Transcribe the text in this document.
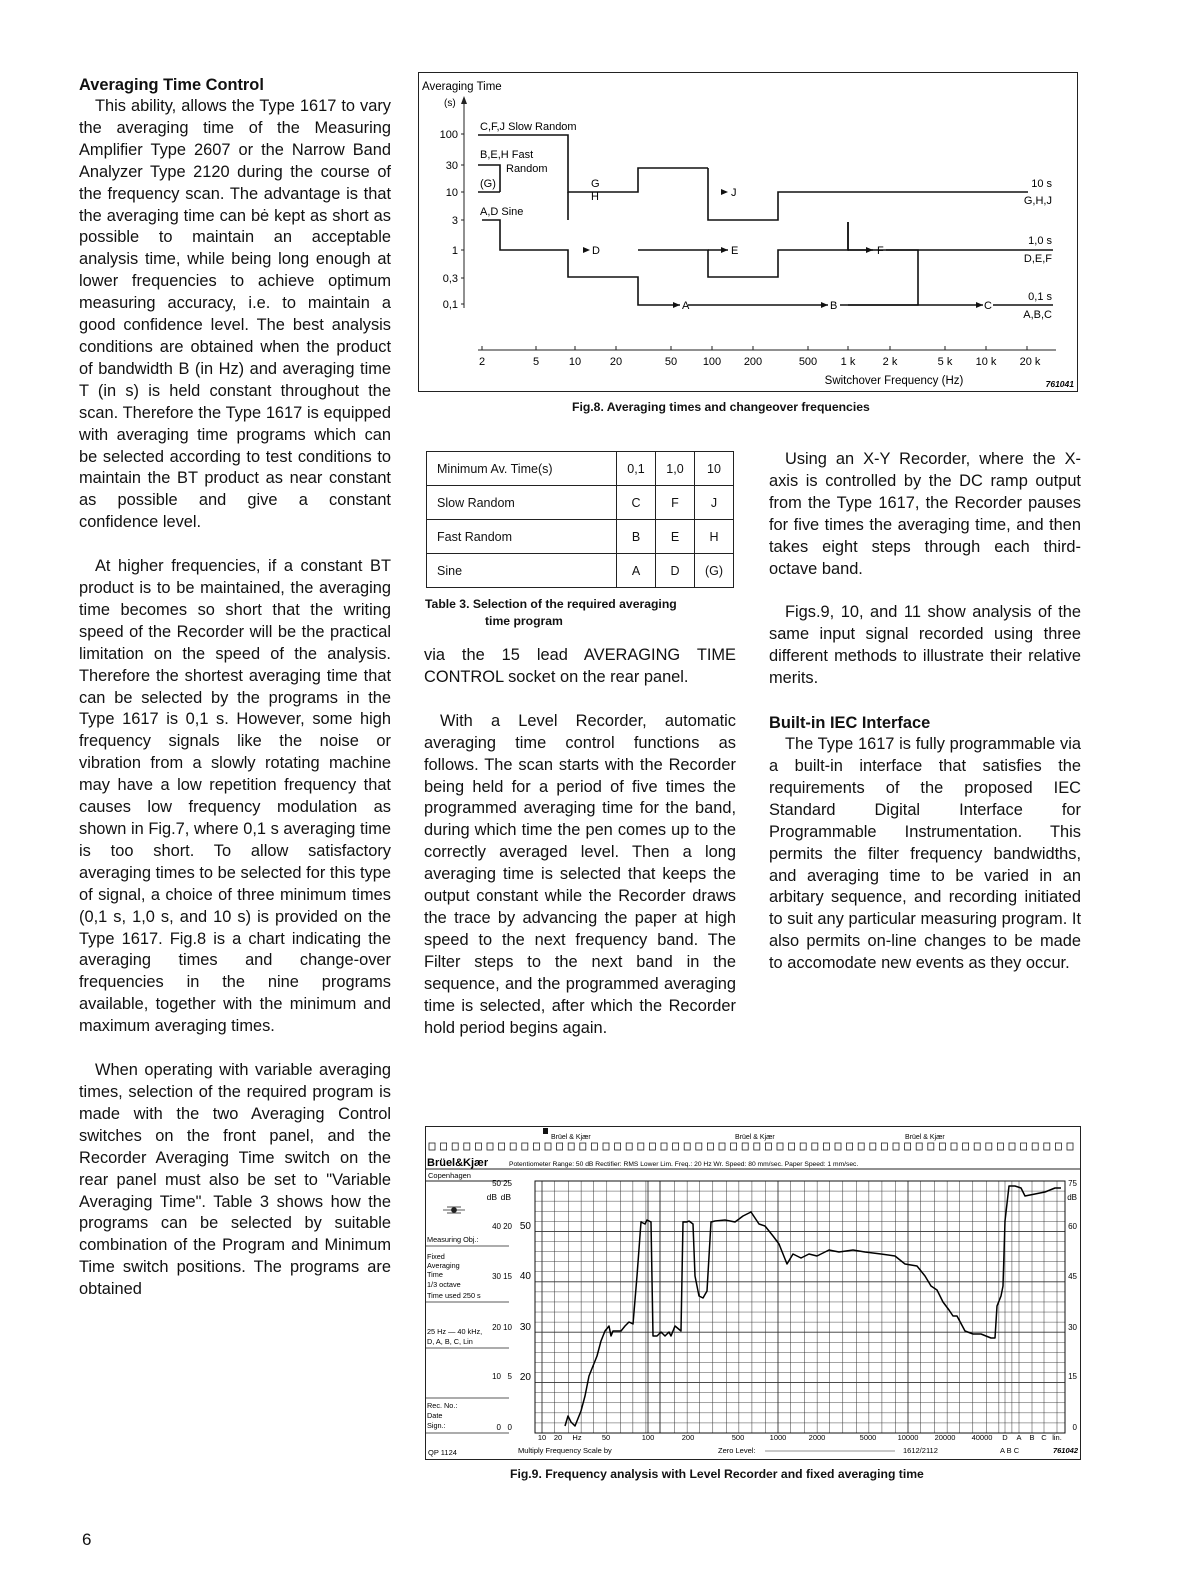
Averaging Time Control

This ability, allows the Type 1617 to vary the averaging time of the Measuring Amplifier Type 2607 or the Narrow Band Analyzer Type 2120 during the course of the frequency scan. The advantage is that the averaging time can bė kept as short as possible to maintain an acceptable analysis time, while being long enough at lower frequencies to achieve optimum measuring accuracy, i.e. to maintain a good confidence level. The best analysis conditions are obtained when the product of bandwidth B (in Hz) and averaging time T (in s) is held constant throughout the scan. Therefore the Type 1617 is equipped with averaging time programs which can be selected according to test conditions to maintain the BT product as near constant as possible and give a constant confidence level.

At higher frequencies, if a constant BT product is to be maintained, the averaging time becomes so short that the writing speed of the Recorder will be the practical limitation on the speed of the analysis. Therefore the shortest averaging time that can be selected by the programs in the Type 1617 is 0,1 s. However, some high frequency signals like the noise or vibration from a slowly rotating machine may have a low repetition frequency that causes low frequency modulation as shown in Fig.7, where 0,1 s averaging time is too short. To allow satisfactory averaging times to be selected for this type of signal, a choice of three minimum times (0,1 s, 1,0 s, and 10 s) is provided on the Type 1617. Fig.8 is a chart indicating the averaging times and change-over frequencies in the nine programs available, together with the minimum and maximum averaging times.

When operating with variable averaging times, selection of the required program is made with the two Averaging Control switches on the front panel, and the Recorder Averaging Time switch on the rear panel must also be set to "Variable Averaging Time". Table 3 shows how the programs can be selected by suitable combination of the Program and Minimum Time switch positions. The programs are obtained

Averaging Time
(s)
100
30
10
3
1
0,3
0,1
C,F,J Slow Random
B,E,H Fast
Random
(G)
A,D Sine
G
H	J
D	E	F
A	B	C
10 s
G,H,J
1,0 s
D,E,F
0,1 s
A,B,C
2	5	10	20	50 100 200	500 1 k 2 k	5 k 10 k 20 k
Switchover Frequency (Hz)	761041
Fig.8. Averaging times and changeover frequencies
Minimum Av. Time(s)	0,1	1,0	10
Slow Random	C	F	J
Fast Random	B	E	H
Sine	A	D	(G)
Table 3. Selection of the required averaging
time program

via the 15 lead AVERAGING TIME CONTROL socket on the rear panel.

With a Level Recorder, automatic averaging time control functions as follows. The scan starts with the Recorder being held for a period of five times the programmed averaging time for the band, during which time the pen comes up to the correctly averaged level. Then a long averaging time is selected that keeps the output constant while the Recorder draws the trace by advancing the paper at high speed to the next frequency band. The Filter steps to the next band in the sequence, and the programmed averaging time is selected, after which the Recorder hold period begins again.

Using an X-Y Recorder, where the X-axis is controlled by the DC ramp output from the Type 1617, the Recorder pauses for five times the averaging time, and then takes eight steps through each third-octave band.

Figs.9, 10, and 11 show analysis of the same input signal recorded using three different methods to illustrate their relative merits.

Built-in IEC Interface

The Type 1617 is fully programmable via a built-in interface that satisfies the requirements of the proposed IEC Standard Digital Interface for Programmable Instrumentation. This permits the filter frequency bandwidths, and averaging time to be varied in an arbitary sequence, and recording initiated to suit any particular measuring program. It also permits on-line changes to be made to accomodate new events as they occur.

Brüel & Kjær	Brüel & Kjær	Brüel & Kjær
Brüel&Kjær	Potentiometer Range: 50 dB Rectifier: RMS Lower Lim. Freq.: 20 Hz Wr. Speed: 80 mm/sec. Paper Speed: 1 mm/sec.
Copenhagen
Measuring Obj.:
Fixed
Averaging
Time
1/3 octave
Time used 250 s
25 Hz — 40 kHz,
D, A, B, C, Lin
Rec. No.:
Date
Sign.:
dB dB
25
20
15
10
5
0
50
40
30
20
10
0
50
40
30
20
75
60
45
30
15
0
dB
10 20 Hz	50	100	200	500	1000	2000	5000	10000 20000 40000 D A B C lin.
QP 1124	Multiply Frequency Scale by	Zero Level:	1612/2112	A B C	761042
Fig.9. Frequency analysis with Level Recorder and fixed averaging time
6
